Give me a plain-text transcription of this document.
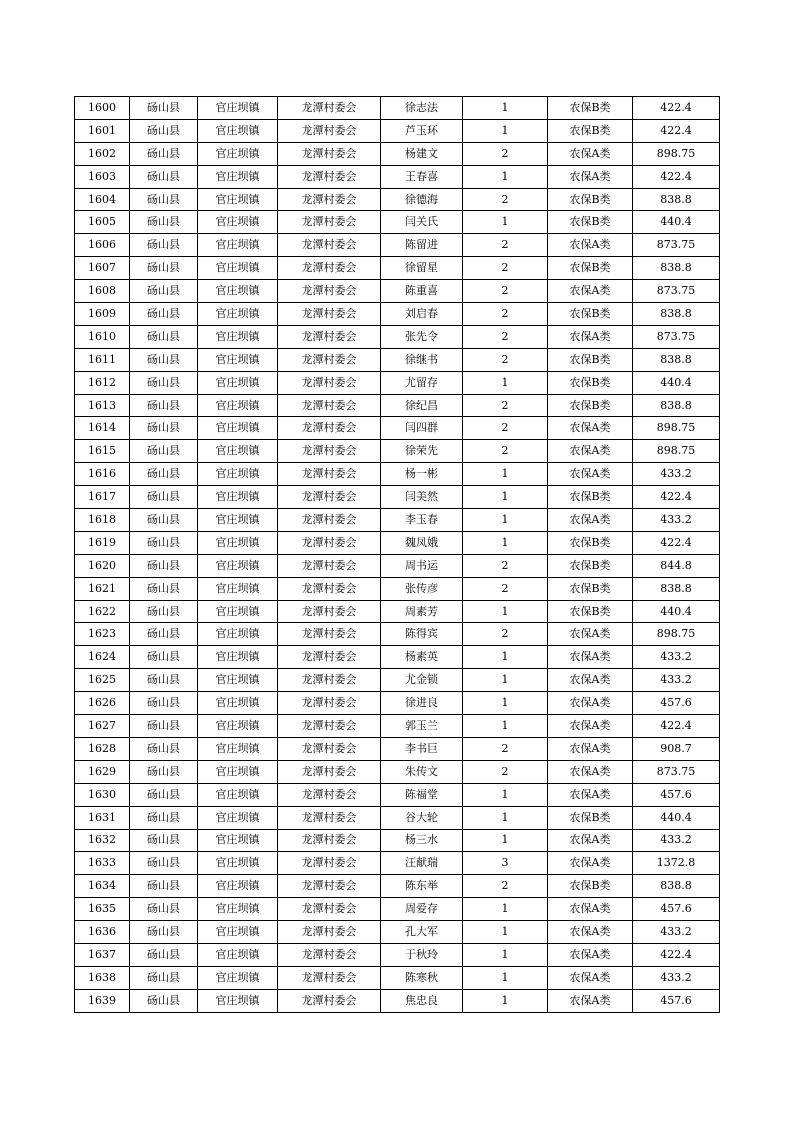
1600	砀山县	官庄坝镇	龙潭村委会	徐志法	1	农保B类	422.4
1601	砀山县	官庄坝镇	龙潭村委会	芦玉环	1	农保B类	422.4
1602	砀山县	官庄坝镇	龙潭村委会	杨建文	2	农保A类	898.75
1603	砀山县	官庄坝镇	龙潭村委会	王春喜	1	农保A类	422.4
1604	砀山县	官庄坝镇	龙潭村委会	徐德海	2	农保B类	838.8
1605	砀山县	官庄坝镇	龙潭村委会	闫关氏	1	农保B类	440.4
1606	砀山县	官庄坝镇	龙潭村委会	陈留进	2	农保A类	873.75
1607	砀山县	官庄坝镇	龙潭村委会	徐留星	2	农保B类	838.8
1608	砀山县	官庄坝镇	龙潭村委会	陈重喜	2	农保A类	873.75
1609	砀山县	官庄坝镇	龙潭村委会	刘启春	2	农保B类	838.8
1610	砀山县	官庄坝镇	龙潭村委会	张先令	2	农保A类	873.75
1611	砀山县	官庄坝镇	龙潭村委会	徐继书	2	农保B类	838.8
1612	砀山县	官庄坝镇	龙潭村委会	尤留存	1	农保B类	440.4
1613	砀山县	官庄坝镇	龙潭村委会	徐纪昌	2	农保B类	838.8
1614	砀山县	官庄坝镇	龙潭村委会	闫四群	2	农保A类	898.75
1615	砀山县	官庄坝镇	龙潭村委会	徐荣先	2	农保A类	898.75
1616	砀山县	官庄坝镇	龙潭村委会	杨一彬	1	农保A类	433.2
1617	砀山县	官庄坝镇	龙潭村委会	闫美然	1	农保B类	422.4
1618	砀山县	官庄坝镇	龙潭村委会	李玉春	1	农保A类	433.2
1619	砀山县	官庄坝镇	龙潭村委会	魏凤娥	1	农保B类	422.4
1620	砀山县	官庄坝镇	龙潭村委会	周书运	2	农保B类	844.8
1621	砀山县	官庄坝镇	龙潭村委会	张传彦	2	农保B类	838.8
1622	砀山县	官庄坝镇	龙潭村委会	周素芳	1	农保B类	440.4
1623	砀山县	官庄坝镇	龙潭村委会	陈得宾	2	农保A类	898.75
1624	砀山县	官庄坝镇	龙潭村委会	杨素英	1	农保A类	433.2
1625	砀山县	官庄坝镇	龙潭村委会	尤金锁	1	农保A类	433.2
1626	砀山县	官庄坝镇	龙潭村委会	徐进良	1	农保A类	457.6
1627	砀山县	官庄坝镇	龙潭村委会	郭玉兰	1	农保A类	422.4
1628	砀山县	官庄坝镇	龙潭村委会	李书巨	2	农保A类	908.7
1629	砀山县	官庄坝镇	龙潭村委会	朱传文	2	农保A类	873.75
1630	砀山县	官庄坝镇	龙潭村委会	陈福堂	1	农保A类	457.6
1631	砀山县	官庄坝镇	龙潭村委会	谷大轮	1	农保B类	440.4
1632	砀山县	官庄坝镇	龙潭村委会	杨三水	1	农保A类	433.2
1633	砀山县	官庄坝镇	龙潭村委会	汪献瑞	3	农保A类	1372.8
1634	砀山县	官庄坝镇	龙潭村委会	陈东举	2	农保B类	838.8
1635	砀山县	官庄坝镇	龙潭村委会	周爱存	1	农保A类	457.6
1636	砀山县	官庄坝镇	龙潭村委会	孔大军	1	农保A类	433.2
1637	砀山县	官庄坝镇	龙潭村委会	于秋玲	1	农保A类	422.4
1638	砀山县	官庄坝镇	龙潭村委会	陈寒秋	1	农保A类	433.2
1639	砀山县	官庄坝镇	龙潭村委会	焦忠良	1	农保A类	457.6
